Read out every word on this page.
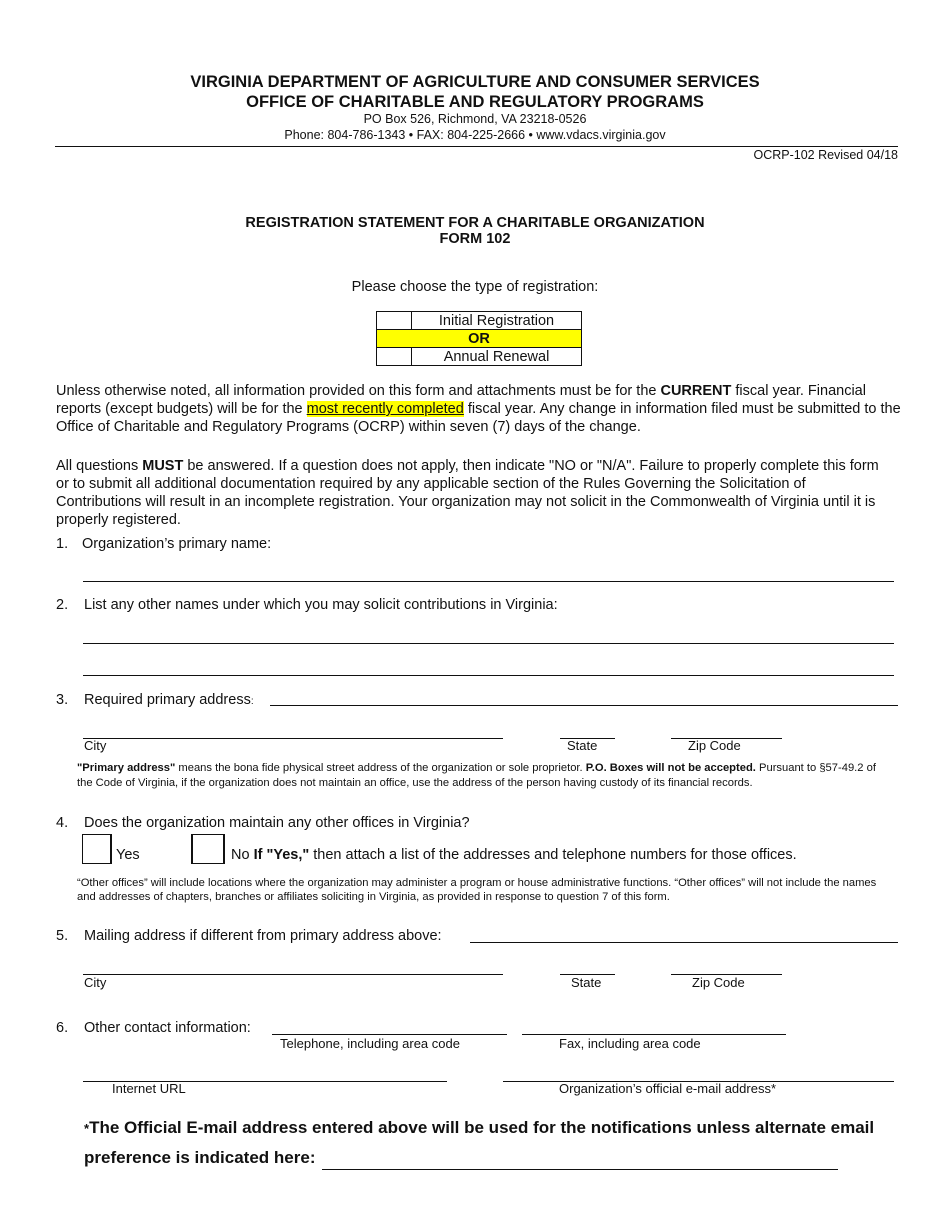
VIRGINIA DEPARTMENT OF AGRICULTURE AND CONSUMER SERVICES
OFFICE OF CHARITABLE AND REGULATORY PROGRAMS
PO Box 526, Richmond, VA 23218-0526
Phone: 804-786-1343 • FAX: 804-225-2666 • www.vdacs.virginia.gov
OCRP-102 Revised 04/18
REGISTRATION STATEMENT FOR A CHARITABLE ORGANIZATION
FORM 102
Please choose the type of registration:
Initial Registration
OR
Annual Renewal
Unless otherwise noted, all information provided on this form and attachments must be for the CURRENT fiscal year. Financial reports (except budgets) will be for the most recently completed fiscal year. Any change in information filed must be submitted to the Office of Charitable and Regulatory Programs (OCRP) within seven (7) days of the change.
All questions MUST be answered. If a question does not apply, then indicate "NO or "N/A". Failure to properly complete this form or to submit all additional documentation required by any applicable section of the Rules Governing the Solicitation of Contributions will result in an incomplete registration. Your organization may not solicit in the Commonwealth of Virginia until it is properly registered.
1. Organization’s primary name:
2. List any other names under which you may solicit contributions in Virginia:
3. Required primary address:
City	State	Zip Code
"Primary address" means the bona fide physical street address of the organization or sole proprietor. P.O. Boxes will not be accepted. Pursuant to §57-49.2 of the Code of Virginia, if the organization does not maintain an office, use the address of the person having custody of its financial records.
4. Does the organization maintain any other offices in Virginia?
Yes	No If "Yes," then attach a list of the addresses and telephone numbers for those offices.
“Other offices” will include locations where the organization may administer a program or house administrative functions. “Other offices” will not include the names and addresses of chapters, branches or affiliates soliciting in Virginia, as provided in response to question 7 of this form.
5. Mailing address if different from primary address above:
City	State	Zip Code
6. Other contact information:
Telephone, including area code	Fax, including area code
Internet URL	Organization’s official e-mail address*
*The Official E-mail address entered above will be used for the notifications unless alternate email
preference is indicated here:
